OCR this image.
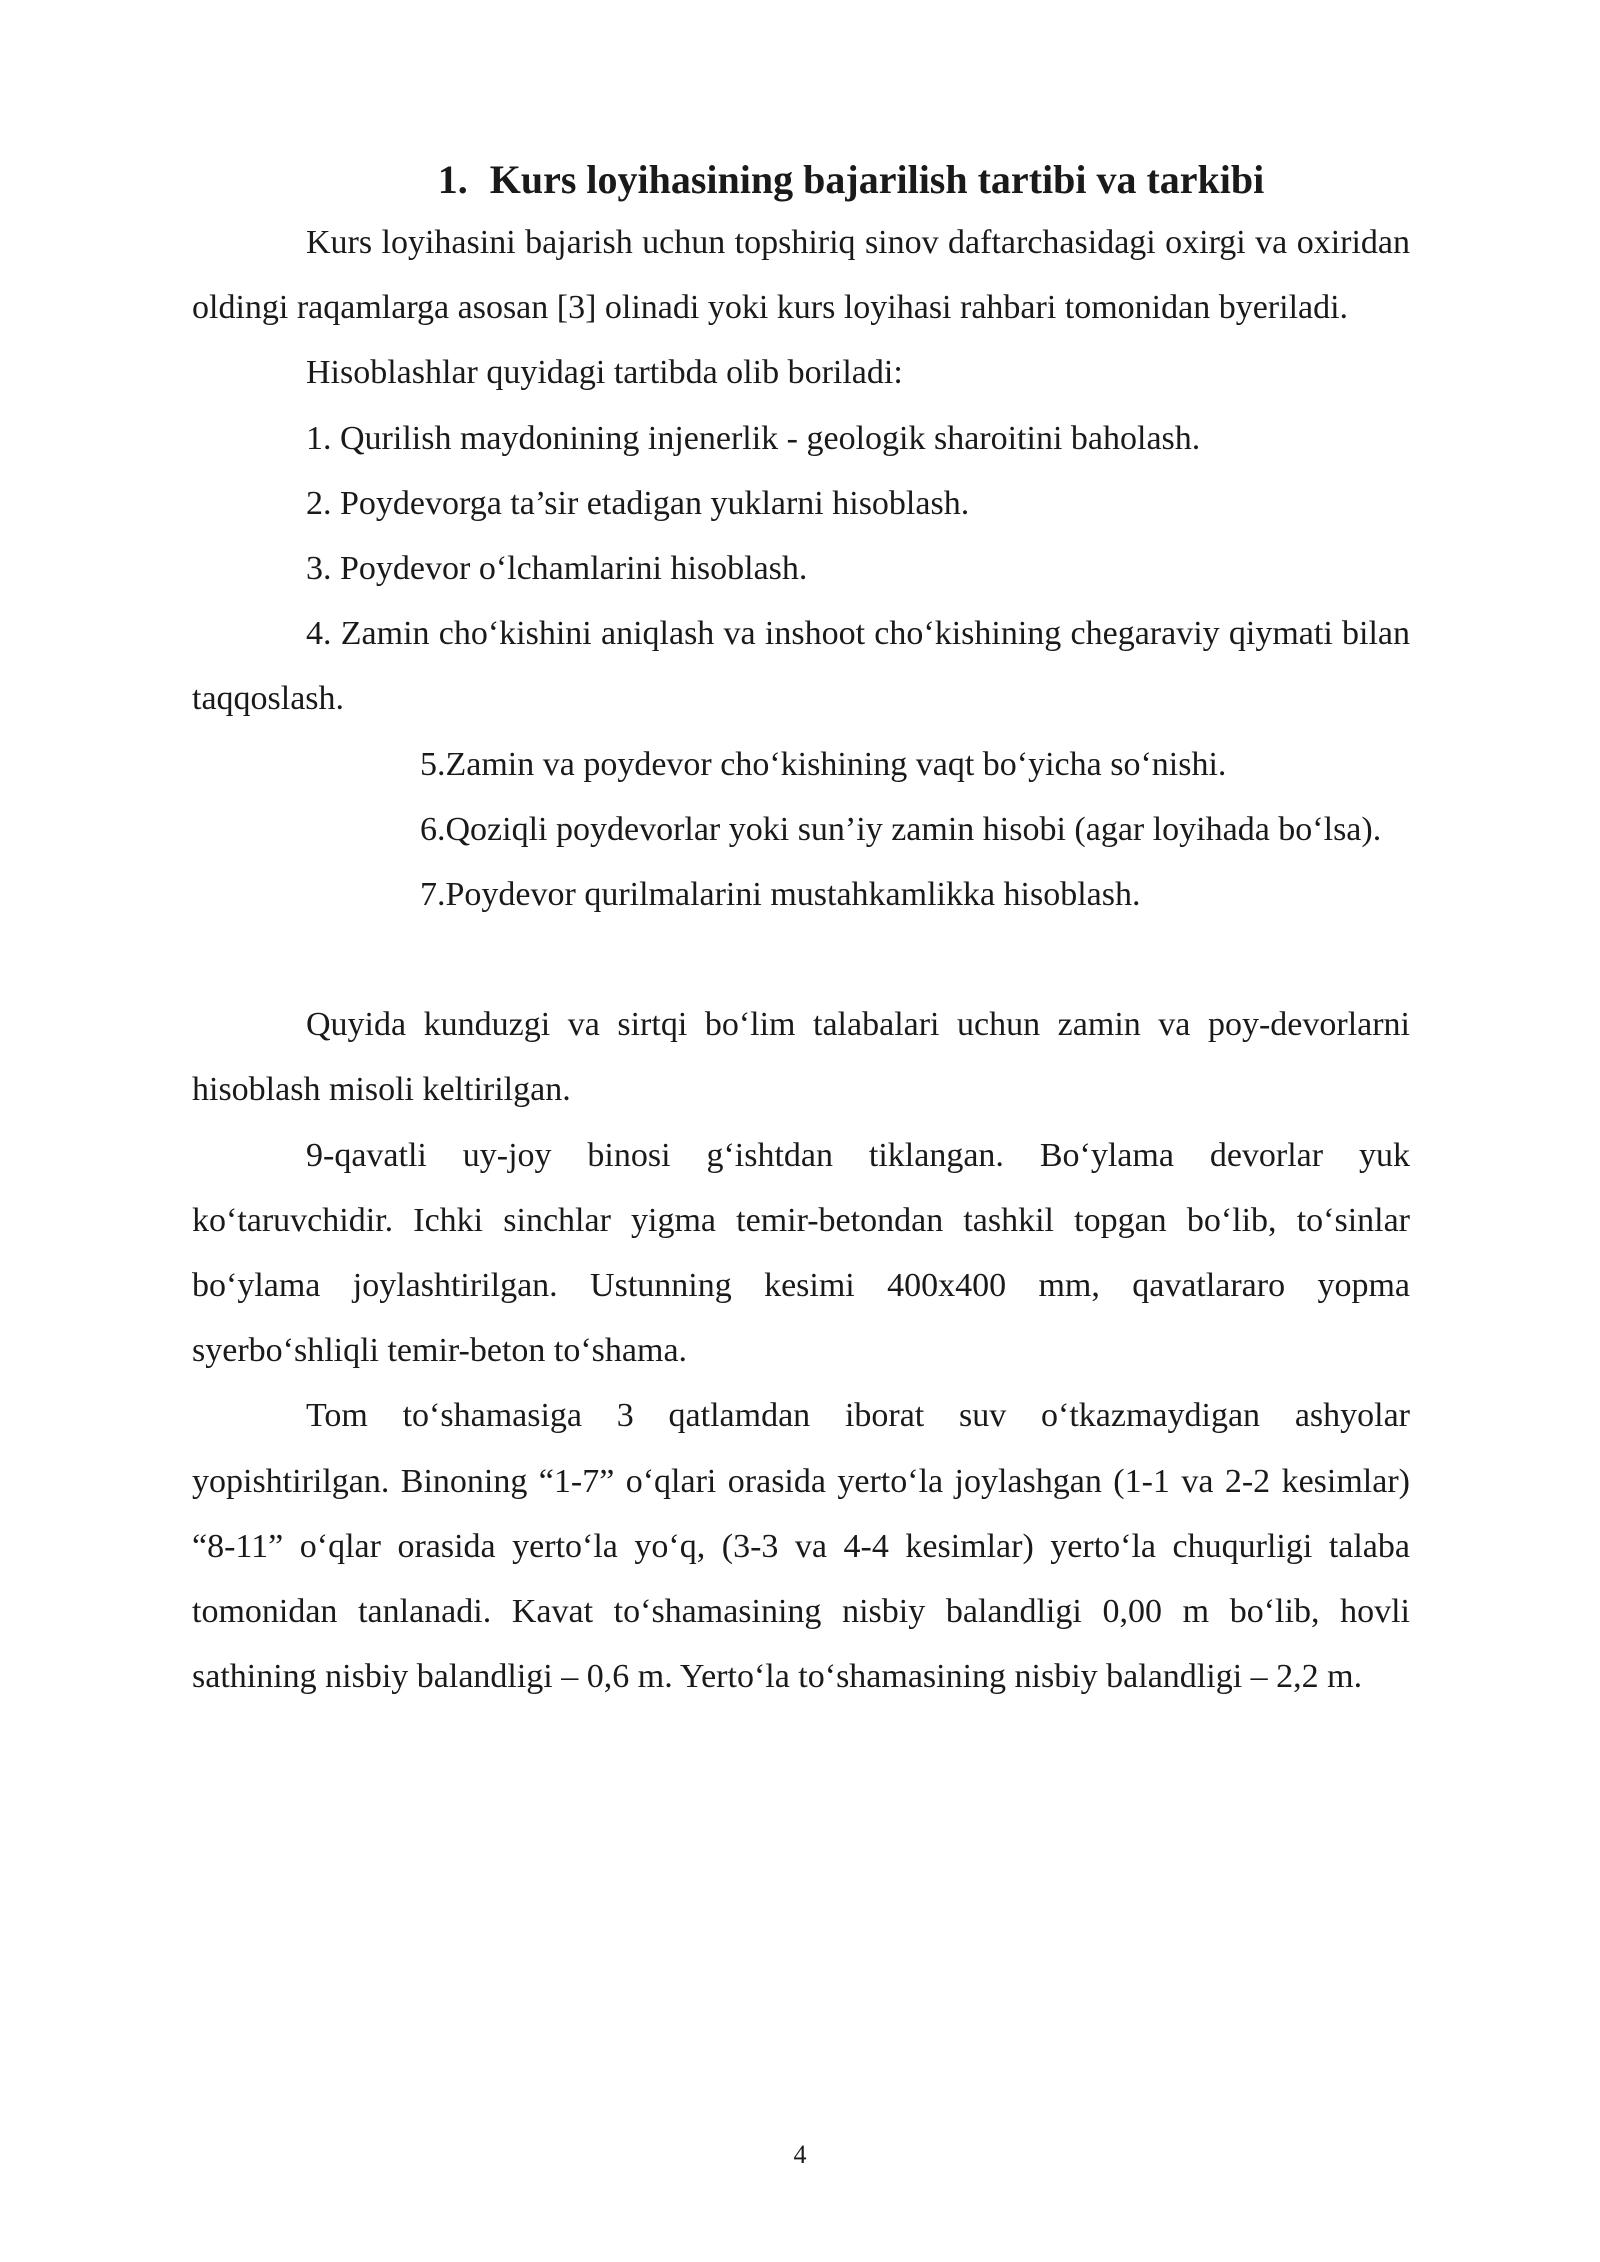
1. Kurs loyihasining bajarilish tartibi va tarkibi

Kurs loyihasini bajarish uchun topshiriq sinov daftarchasidagi oxirgi va oxiridan oldingi raqamlarga asosan [3] olinadi yoki kurs loyihasi rahbari tomonidan byeriladi.

Hisoblashlar quyidagi tartibda olib boriladi:

1. Qurilish maydonining injenerlik - geologik sharoitini baholash.

2. Poydevorga ta’sir etadigan yuklarni hisoblash.

3. Poydevor o‘lchamlarini hisoblash.

4. Zamin cho‘kishini aniqlash va inshoot cho‘kishining chegaraviy qiymati bilan taqqoslash.

5.Zamin va poydevor cho‘kishining vaqt bo‘yicha so‘nishi.

6.Qoziqli poydevorlar yoki sun’iy zamin hisobi (agar loyihada bo‘lsa).

7.Poydevor qurilmalarini mustahkamlikka hisoblash.

Quyida kunduzgi va sirtqi bo‘lim talabalari uchun zamin va poy-devorlarni hisoblash misoli keltirilgan.

9-qavatli uy-joy binosi g‘ishtdan tiklangan. Bo‘ylama devorlar yuk ko‘taruvchidir. Ichki sinchlar yigma temir-betondan tashkil topgan bo‘lib, to‘sinlar bo‘ylama joylashtirilgan. Ustunning kesimi 400x400 mm, qavatlararo yopma syerbo‘shliqli temir-beton to‘shama.

Tom to‘shamasiga 3 qatlamdan iborat suv o‘tkazmaydigan ashyolar yopishtirilgan. Binoning “1-7” o‘qlari orasida yerto‘la joylashgan (1-1 va 2-2 kesimlar) “8-11” o‘qlar orasida yerto‘la yo‘q, (3-3 va 4-4 kesimlar) yerto‘la chuqurligi talaba tomonidan tanlanadi. Kavat to‘shamasining nisbiy balandligi 0,00 m bo‘lib, hovli sathining nisbiy balandligi – 0,6 m. Yerto‘la to‘shamasining nisbiy balandligi – 2,2 m.

4
